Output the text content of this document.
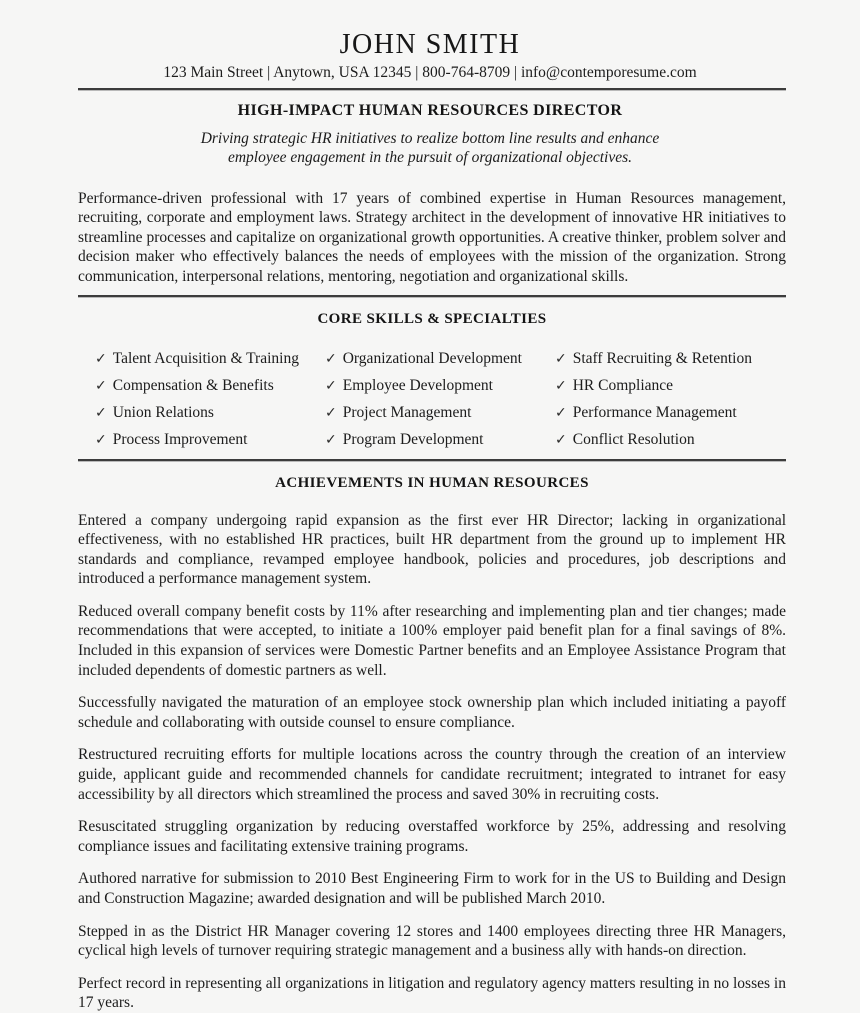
JOHN SMITH
123 Main Street | Anytown, USA 12345 | 800-764-8709 | info@contemporesume.com
HIGH-IMPACT HUMAN RESOURCES DIRECTOR
Driving strategic HR initiatives to realize bottom line results and enhance employee engagement in the pursuit of organizational objectives.

Performance-driven professional with 17 years of combined expertise in Human Resources management, recruiting, corporate and employment laws. Strategy architect in the development of innovative HR initiatives to streamline processes and capitalize on organizational growth opportunities. A creative thinker, problem solver and decision maker who effectively balances the needs of employees with the mission of the organization. Strong communication, interpersonal relations, mentoring, negotiation and organizational skills.

CORE SKILLS & SPECIALTIES
✓ Talent Acquisition & Training	✓ Organizational Development	✓ Staff Recruiting & Retention
✓ Compensation & Benefits	✓ Employee Development	✓ HR Compliance
✓ Union Relations	✓ Project Management	✓ Performance Management
✓ Process Improvement	✓ Program Development	✓ Conflict Resolution
ACHIEVEMENTS IN HUMAN RESOURCES

Entered a company undergoing rapid expansion as the first ever HR Director; lacking in organizational effectiveness, with no established HR practices, built HR department from the ground up to implement HR standards and compliance, revamped employee handbook, policies and procedures, job descriptions and introduced a performance management system.

Reduced overall company benefit costs by 11% after researching and implementing plan and tier changes; made recommendations that were accepted, to initiate a 100% employer paid benefit plan for a final savings of 8%. Included in this expansion of services were Domestic Partner benefits and an Employee Assistance Program that included dependents of domestic partners as well.

Successfully navigated the maturation of an employee stock ownership plan which included initiating a payoff schedule and collaborating with outside counsel to ensure compliance.

Restructured recruiting efforts for multiple locations across the country through the creation of an interview guide, applicant guide and recommended channels for candidate recruitment; integrated to intranet for easy accessibility by all directors which streamlined the process and saved 30% in recruiting costs.

Resuscitated struggling organization by reducing overstaffed workforce by 25%, addressing and resolving compliance issues and facilitating extensive training programs.

Authored narrative for submission to 2010 Best Engineering Firm to work for in the US to Building and Design and Construction Magazine; awarded designation and will be published March 2010.

Stepped in as the District HR Manager covering 12 stores and 1400 employees directing three HR Managers, cyclical high levels of turnover requiring strategic management and a business ally with hands-on direction.

Perfect record in representing all organizations in litigation and regulatory agency matters resulting in no losses in 17 years.
